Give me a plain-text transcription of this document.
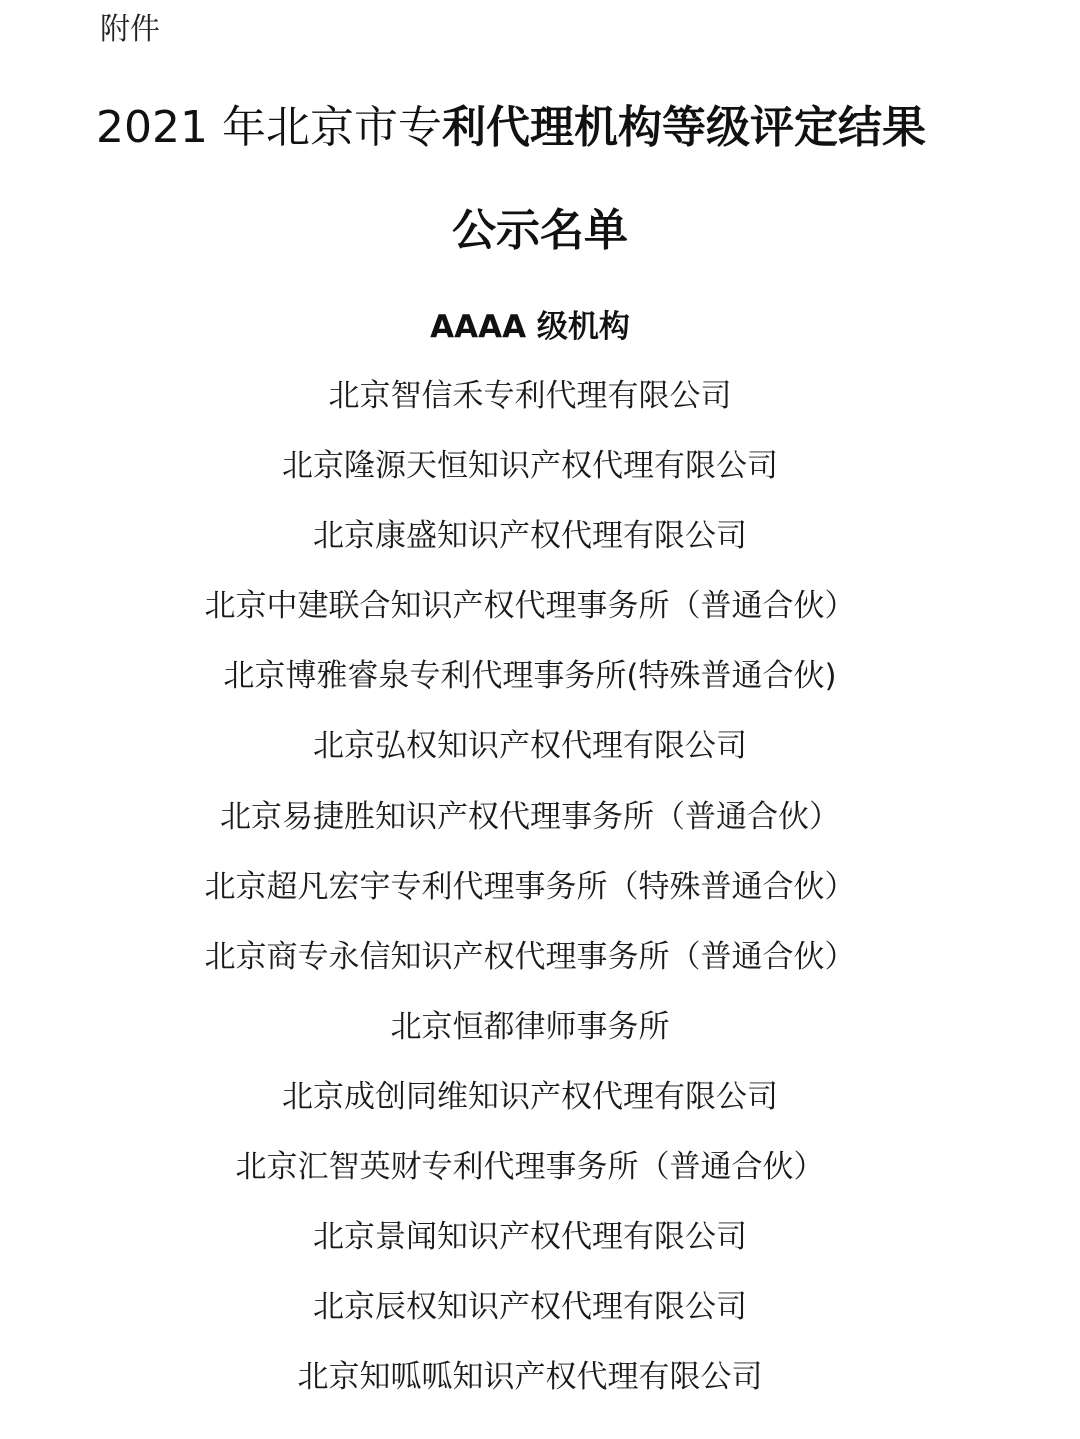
附件
2021 年北京市专利代理机构等级评定结果
公示名单
AAAA 级机构
北京智信禾专利代理有限公司
北京隆源天恒知识产权代理有限公司
北京康盛知识产权代理有限公司
北京中建联合知识产权代理事务所（普通合伙）
北京博雅睿泉专利代理事务所(特殊普通合伙)
北京弘权知识产权代理有限公司
北京易捷胜知识产权代理事务所（普通合伙）
北京超凡宏宇专利代理事务所（特殊普通合伙）
北京商专永信知识产权代理事务所（普通合伙）
北京恒都律师事务所
北京成创同维知识产权代理有限公司
北京汇智英财专利代理事务所（普通合伙）
北京景闻知识产权代理有限公司
北京辰权知识产权代理有限公司
北京知呱呱知识产权代理有限公司
